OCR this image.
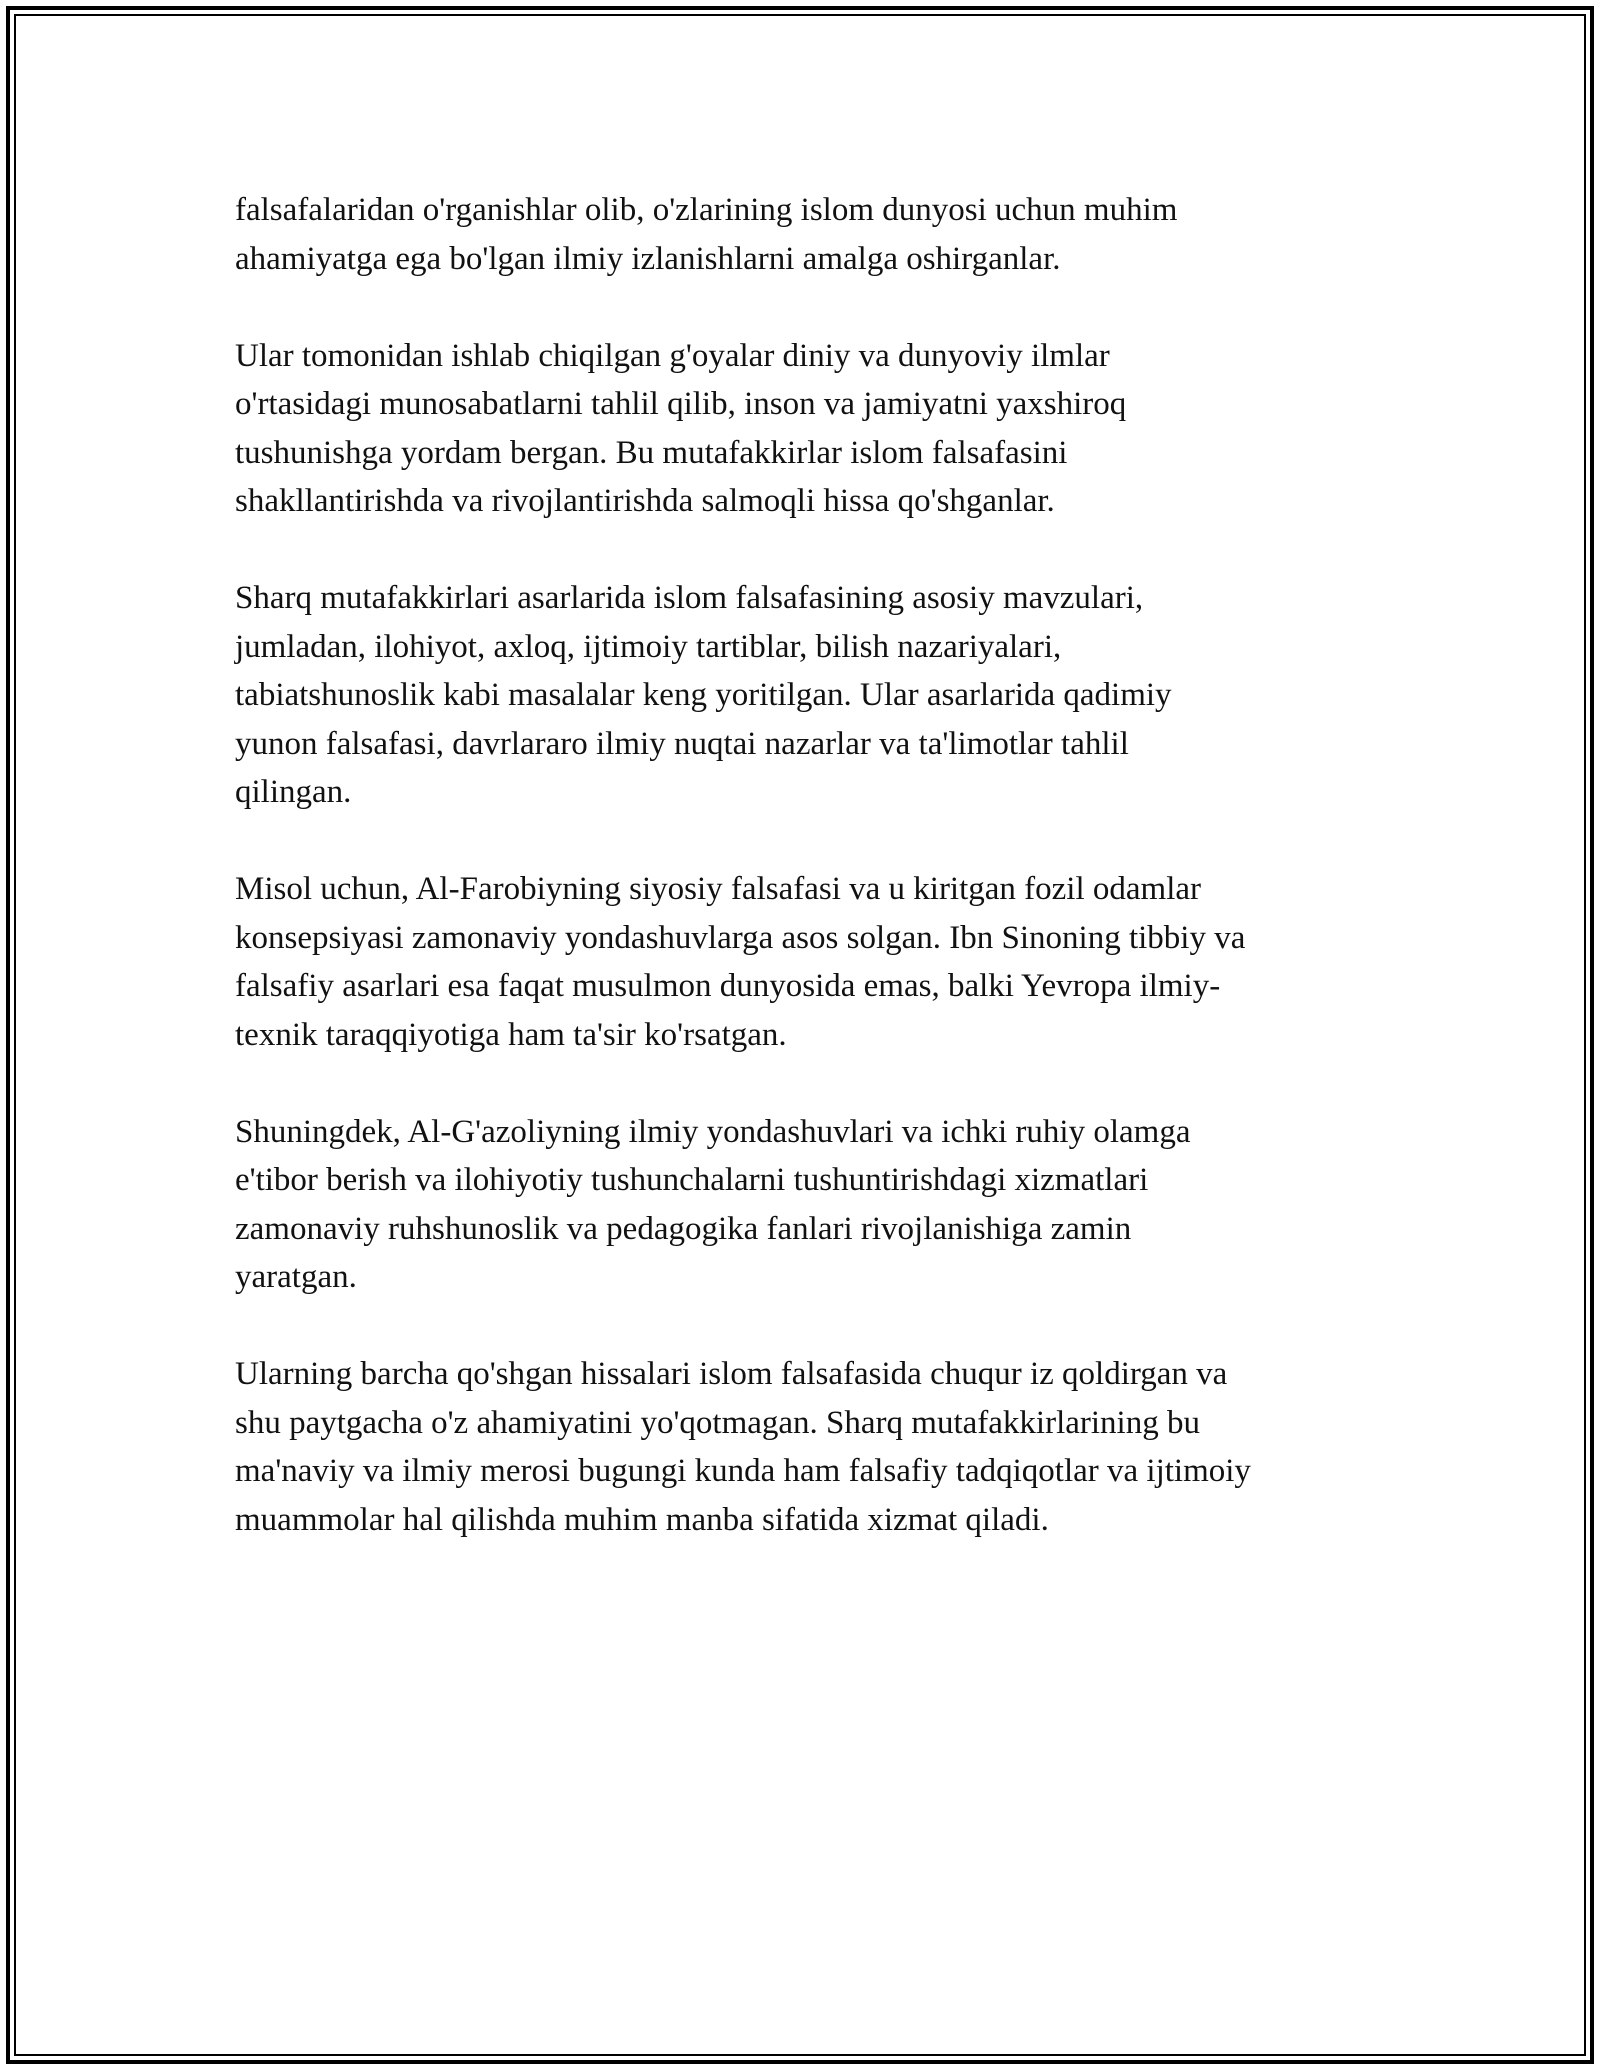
falsafalaridan o'rganishlar olib, o'zlarining islom dunyosi uchun muhim
ahamiyatga ega bo'lgan ilmiy izlanishlarni amalga oshirganlar.

Ular tomonidan ishlab chiqilgan g'oyalar diniy va dunyoviy ilmlar
o'rtasidagi munosabatlarni tahlil qilib, inson va jamiyatni yaxshiroq
tushunishga yordam bergan. Bu mutafakkirlar islom falsafasini
shakllantirishda va rivojlantirishda salmoqli hissa qo'shganlar.

Sharq mutafakkirlari asarlarida islom falsafasining asosiy mavzulari,
jumladan, ilohiyot, axloq, ijtimoiy tartiblar, bilish nazariyalari,
tabiatshunoslik kabi masalalar keng yoritilgan. Ular asarlarida qadimiy
yunon falsafasi, davrlararo ilmiy nuqtai nazarlar va ta'limotlar tahlil
qilingan.

Misol uchun, Al-Farobiyning siyosiy falsafasi va u kiritgan fozil odamlar
konsepsiyasi zamonaviy yondashuvlarga asos solgan. Ibn Sinoning tibbiy va
falsafiy asarlari esa faqat musulmon dunyosida emas, balki Yevropa ilmiy-
texnik taraqqiyotiga ham ta'sir ko'rsatgan.

Shuningdek, Al-G'azoliyning ilmiy yondashuvlari va ichki ruhiy olamga
e'tibor berish va ilohiyotiy tushunchalarni tushuntirishdagi xizmatlari
zamonaviy ruhshunoslik va pedagogika fanlari rivojlanishiga zamin
yaratgan.

Ularning barcha qo'shgan hissalari islom falsafasida chuqur iz qoldirgan va
shu paytgacha o'z ahamiyatini yo'qotmagan. Sharq mutafakkirlarining bu
ma'naviy va ilmiy merosi bugungi kunda ham falsafiy tadqiqotlar va ijtimoiy
muammolar hal qilishda muhim manba sifatida xizmat qiladi.
